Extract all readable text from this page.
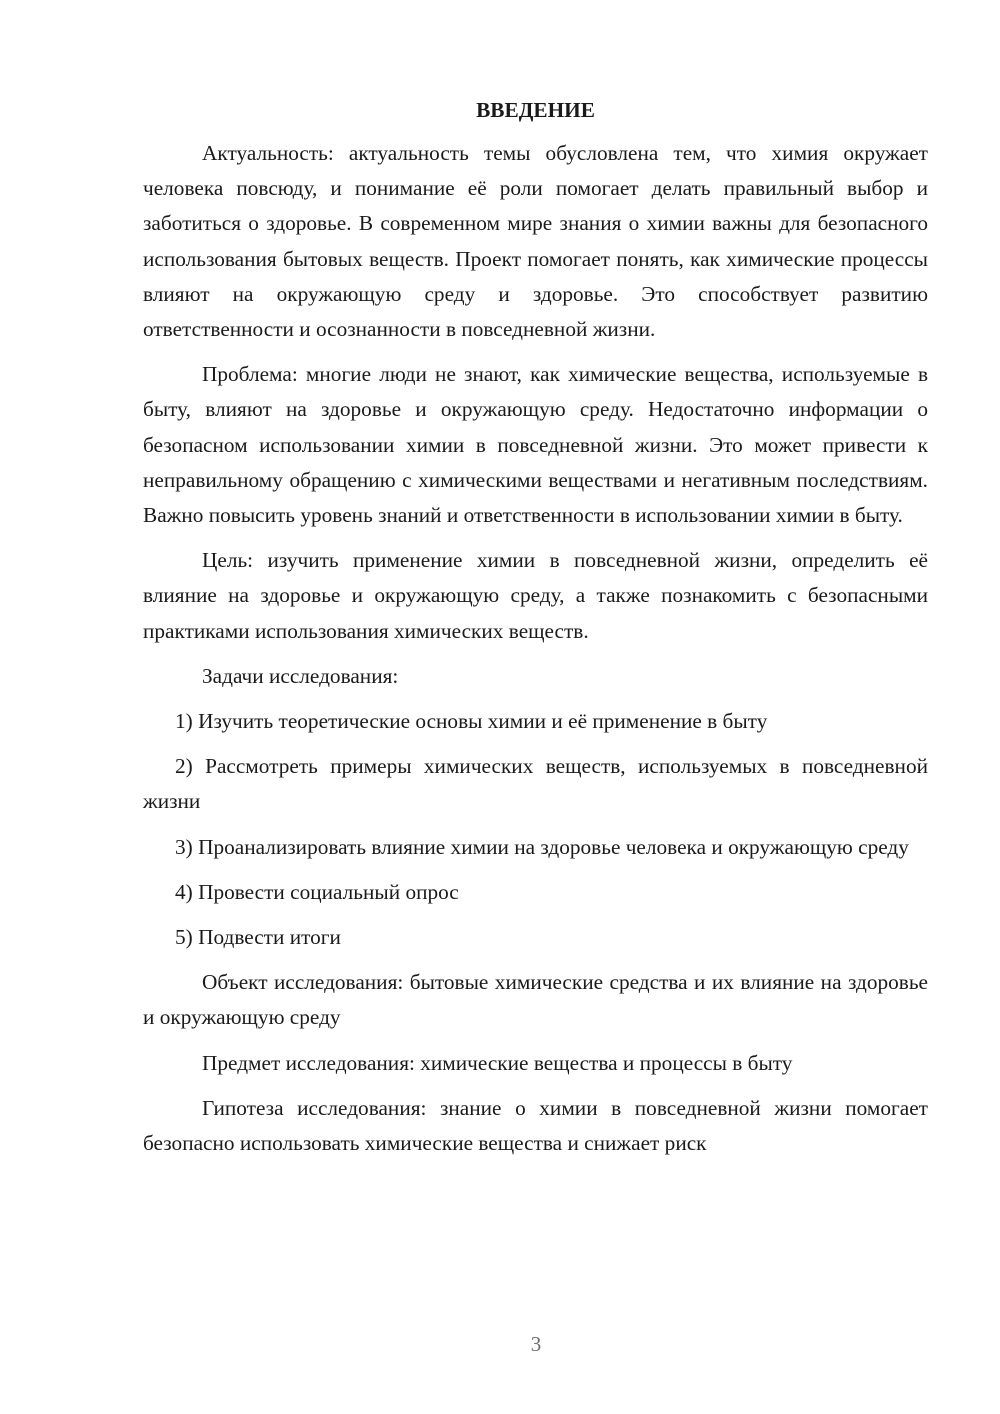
ВВЕДЕНИЕ

Актуальность: актуальность темы обусловлена тем, что химия окружает человека повсюду, и понимание её роли помогает делать правильный выбор и заботиться о здоровье. В современном мире знания о химии важны для безопасного использования бытовых веществ. Проект помогает понять, как химические процессы влияют на окружающую среду и здоровье. Это способствует развитию ответственности и осознанности в повседневной жизни.

Проблема: многие люди не знают, как химические вещества, используемые в быту, влияют на здоровье и окружающую среду. Недостаточно информации о безопасном использовании химии в повседневной жизни. Это может привести к неправильному обращению с химическими веществами и негативным последствиям. Важно повысить уровень знаний и ответственности в использовании химии в быту.

Цель: изучить применение химии в повседневной жизни, определить её влияние на здоровье и окружающую среду, а также познакомить с безопасными практиками использования химических веществ.

Задачи исследования:

1) Изучить теоретические основы химии и её применение в быту

2) Рассмотреть примеры химических веществ, используемых в повседневной жизни

3) Проанализировать влияние химии на здоровье человека и окружающую среду

4) Провести социальный опрос

5) Подвести итоги

Объект исследования: бытовые химические средства и их влияние на здоровье и окружающую среду

Предмет исследования: химические вещества и процессы в быту

Гипотеза исследования: знание о химии в повседневной жизни помогает безопасно использовать химические вещества и снижает риск

3
